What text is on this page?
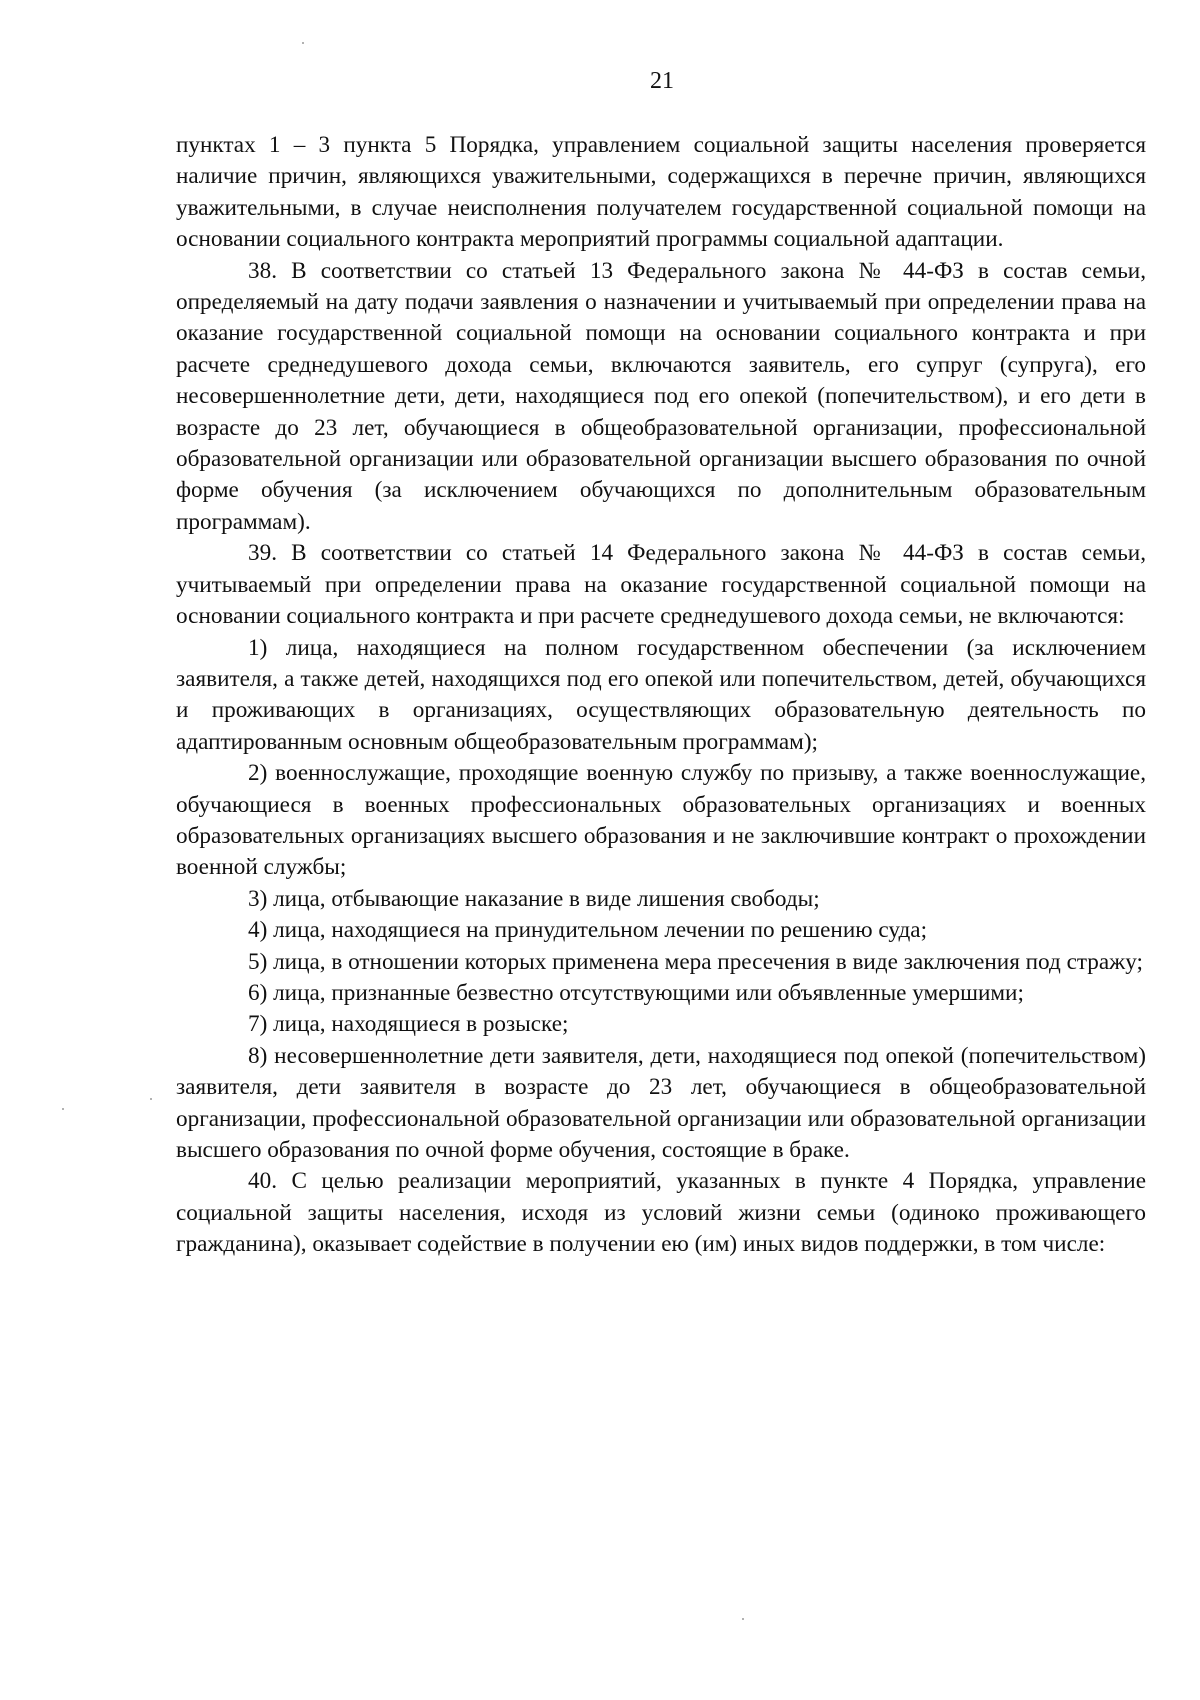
21

пунктах 1 – 3 пункта 5 Порядка, управлением социальной защиты населения проверяется наличие причин, являющихся уважительными, содержащихся в перечне причин, являющихся уважительными, в случае неисполнения получателем государственной социальной помощи на основании социального контракта мероприятий программы социальной адаптации.

38. В соответствии со статьей 13 Федерального закона № 44-ФЗ в состав семьи, определяемый на дату подачи заявления о назначении и учитываемый при определении права на оказание государственной социальной помощи на основании социального контракта и при расчете среднедушевого дохода семьи, включаются заявитель, его супруг (супруга), его несовершеннолетние дети, дети, находящиеся под его опекой (попечительством), и его дети в возрасте до 23 лет, обучающиеся в общеобразовательной организации, профессиональной образовательной организации или образовательной организации высшего образования по очной форме обучения (за исключением обучающихся по дополнительным образовательным программам).

39. В соответствии со статьей 14 Федерального закона № 44-ФЗ в состав семьи, учитываемый при определении права на оказание государственной социальной помощи на основании социального контракта и при расчете среднедушевого дохода семьи, не включаются:

1) лица, находящиеся на полном государственном обеспечении (за исключением заявителя, а также детей, находящихся под его опекой или попечительством, детей, обучающихся и проживающих в организациях, осуществляющих образовательную деятельность по адаптированным основным общеобразовательным программам);

2) военнослужащие, проходящие военную службу по призыву, а также военнослужащие, обучающиеся в военных профессиональных образовательных организациях и военных образовательных организациях высшего образования и не заключившие контракт о прохождении военной службы;

3) лица, отбывающие наказание в виде лишения свободы;

4) лица, находящиеся на принудительном лечении по решению суда;

5) лица, в отношении которых применена мера пресечения в виде заключения под стражу;

6) лица, признанные безвестно отсутствующими или объявленные умершими;

7) лица, находящиеся в розыске;

8) несовершеннолетние дети заявителя, дети, находящиеся под опекой (попечительством) заявителя, дети заявителя в возрасте до 23 лет, обучающиеся в общеобразовательной организации, профессиональной образовательной организации или образовательной организации высшего образования по очной форме обучения, состоящие в браке.

40. С целью реализации мероприятий, указанных в пункте 4 Порядка, управление социальной защиты населения, исходя из условий жизни семьи (одиноко проживающего гражданина), оказывает содействие в получении ею (им) иных видов поддержки, в том числе:
